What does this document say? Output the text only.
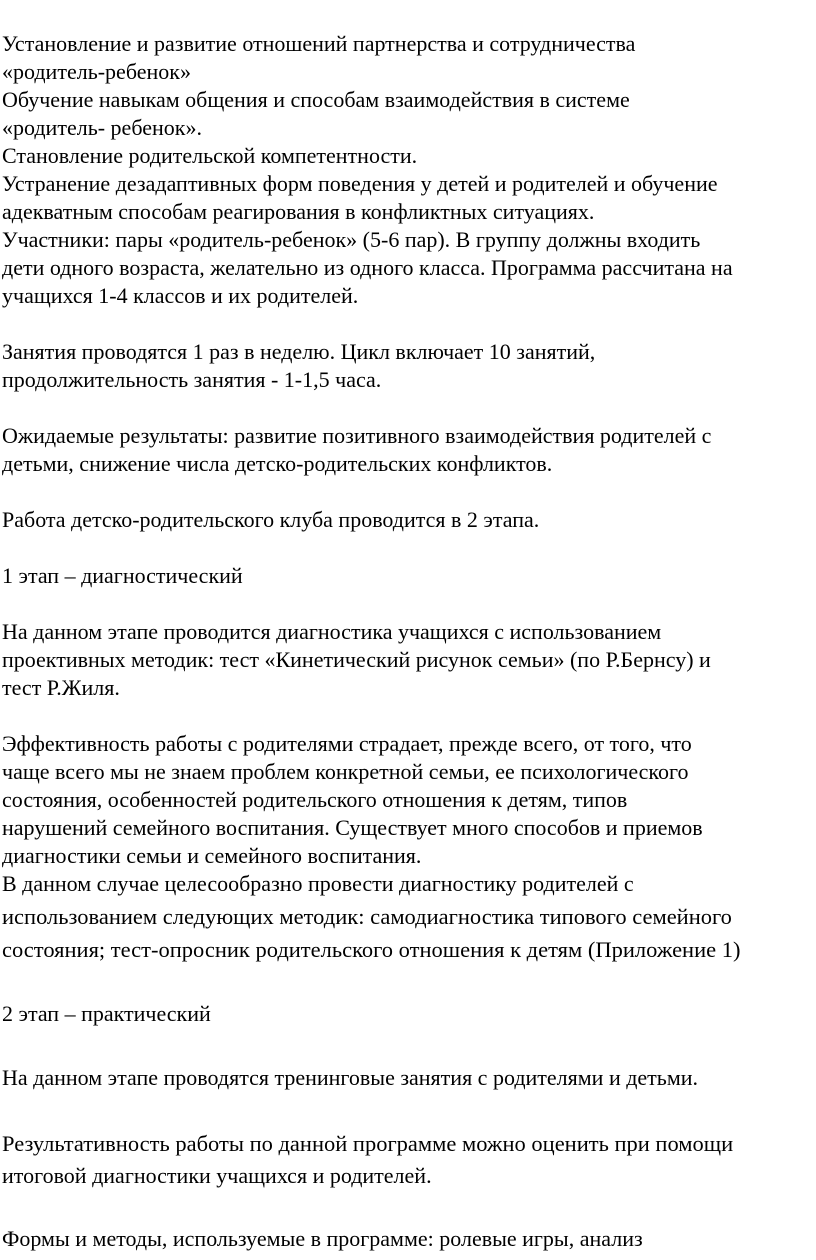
Установление и развитие отношений партнерства и сотрудничества

«родитель-ребенок»

Обучение навыкам общения и способам взаимодействия в системе

«родитель- ребенок».

Становление родительской компетентности.

Устранение дезадаптивных форм поведения у детей и родителей и обучение

адекватным способам реагирования в конфликтных ситуациях.

Участники: пары «родитель-ребенок» (5-6 пар). В группу должны входить

дети одного возраста, желательно из одного класса. Программа рассчитана на

учащихся 1-4 классов и их родителей.

Занятия проводятся 1 раз в неделю. Цикл включает 10 занятий,

продолжительность занятия - 1-1,5 часа.

Ожидаемые результаты: развитие позитивного взаимодействия родителей с

детьми, снижение числа детско-родительских конфликтов.

Работа детско-родительского клуба проводится в 2 этапа.

1 этап – диагностический

На данном этапе проводится диагностика учащихся с использованием

проективных методик: тест «Кинетический рисунок семьи» (по Р.Бернсу) и

тест Р.Жиля.

Эффективность работы с родителями страдает, прежде всего, от того, что

чаще всего мы не знаем проблем конкретной семьи, ее психологического

состояния, особенностей родительского отношения к детям, типов

нарушений семейного воспитания. Существует много способов и приемов

диагностики семьи и семейного воспитания.

В данном случае целесообразно провести диагностику родителей с

использованием следующих методик: самодиагностика типового семейного

состояния; тест-опросник родительского отношения к детям (Приложение 1)

2 этап – практический

На данном этапе проводятся тренинговые занятия с родителями и детьми.

Результативность работы по данной программе можно оценить при помощи

итоговой диагностики учащихся и родителей.

Формы и методы, используемые в программе: ролевые игры, анализ
